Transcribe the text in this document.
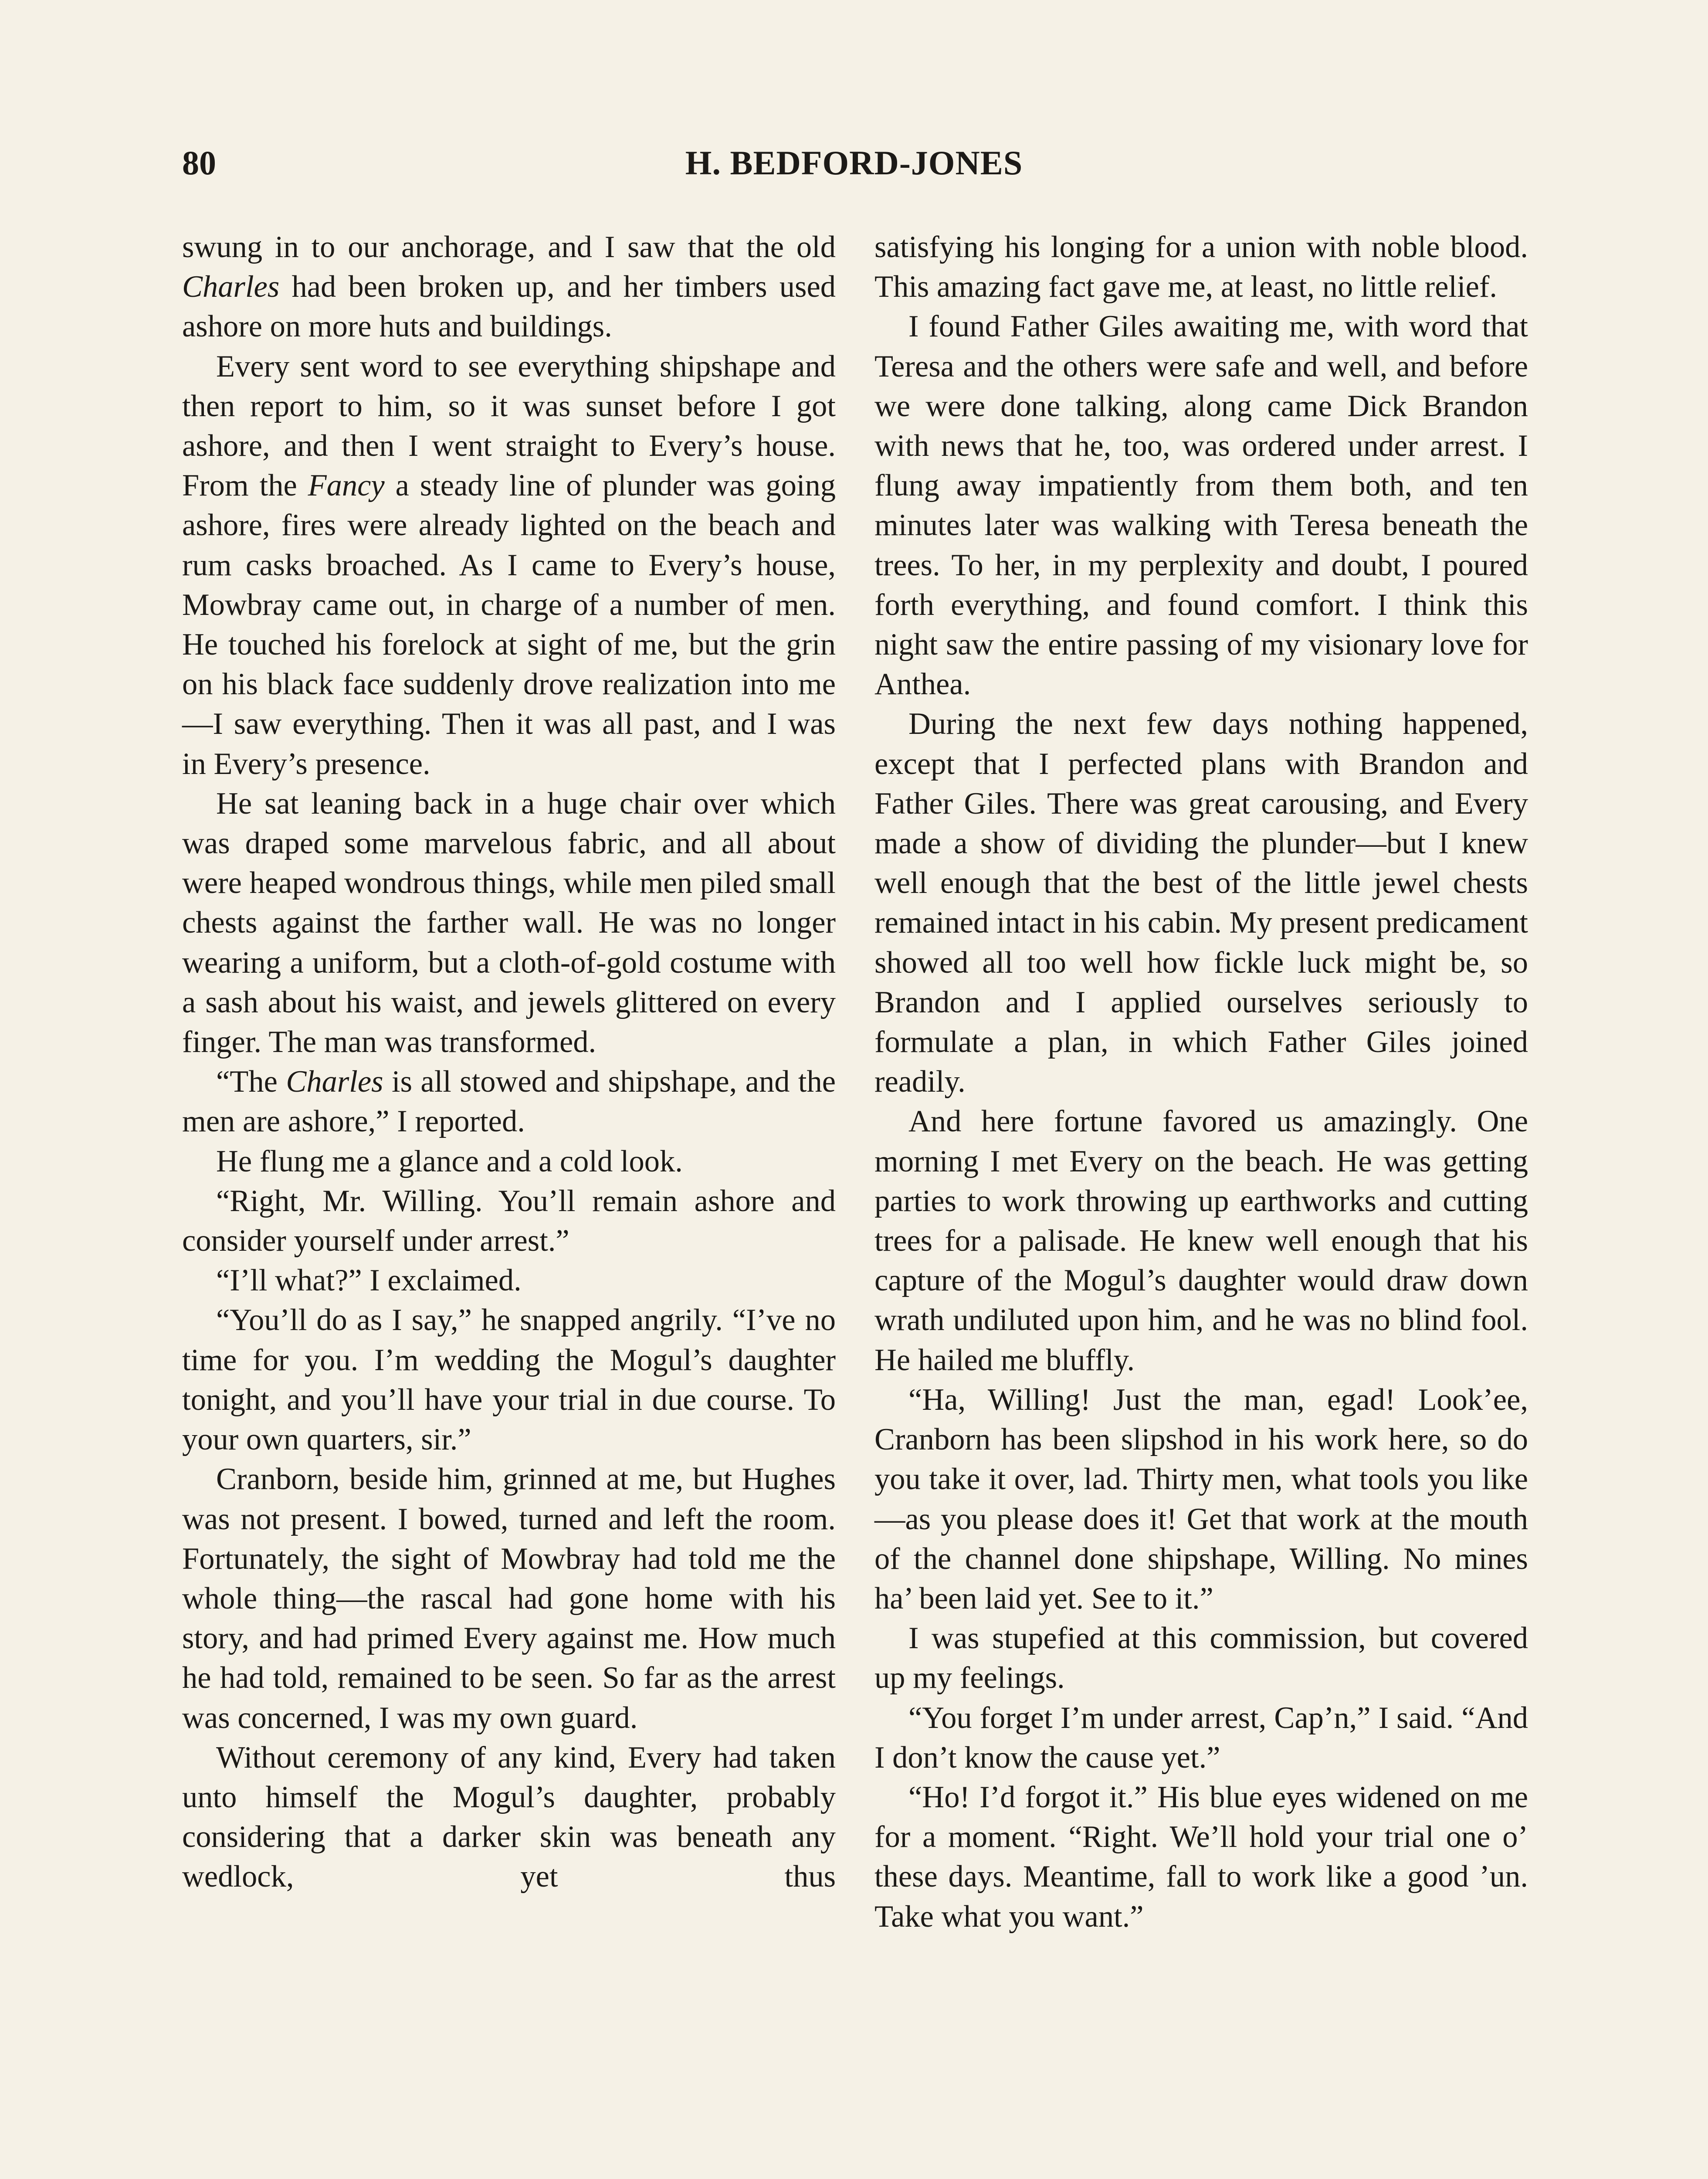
80	H. BEDFORD-JONES

swung in to our anchorage, and I saw that the old Charles had been broken up, and her timbers used ashore on more huts and buildings.

Every sent word to see everything shipshape and then report to him, so it was sunset before I got ashore, and then I went straight to Every’s house. From the Fancy a steady line of plunder was going ashore, fires were already lighted on the beach and rum casks broached. As I came to Every’s house, Mowbray came out, in charge of a number of men. He touched his forelock at sight of me, but the grin on his black face suddenly drove realization into me—I saw everything. Then it was all past, and I was in Every’s presence.

He sat leaning back in a huge chair over which was draped some marvelous fabric, and all about were heaped wondrous things, while men piled small chests against the farther wall. He was no longer wearing a uniform, but a cloth-of-gold costume with a sash about his waist, and jewels glittered on every finger. The man was transformed.

“The Charles is all stowed and shipshape, and the men are ashore,” I reported.

He flung me a glance and a cold look.

“Right, Mr. Willing. You’ll remain ashore and consider yourself under arrest.”

“I’ll what?” I exclaimed.

“You’ll do as I say,” he snapped angrily. “I’ve no time for you. I’m wedding the Mogul’s daughter tonight, and you’ll have your trial in due course. To your own quarters, sir.”

Cranborn, beside him, grinned at me, but Hughes was not present. I bowed, turned and left the room. Fortunately, the sight of Mowbray had told me the whole thing—the rascal had gone home with his story, and had primed Every against me. How much he had told, remained to be seen. So far as the arrest was concerned, I was my own guard.

Without ceremony of any kind, Every had taken unto himself the Mogul’s daughter, probably considering that a darker skin was beneath any wedlock, yet thus

satisfying his longing for a union with noble blood. This amazing fact gave me, at least, no little relief.

I found Father Giles awaiting me, with word that Teresa and the others were safe and well, and before we were done talking, along came Dick Brandon with news that he, too, was ordered under arrest. I flung away impatiently from them both, and ten minutes later was walking with Teresa beneath the trees. To her, in my perplexity and doubt, I poured forth everything, and found comfort. I think this night saw the entire passing of my visionary love for Anthea.

During the next few days nothing happened, except that I perfected plans with Brandon and Father Giles. There was great carousing, and Every made a show of dividing the plunder—but I knew well enough that the best of the little jewel chests remained intact in his cabin. My present predicament showed all too well how fickle luck might be, so Brandon and I applied ourselves seriously to formulate a plan, in which Father Giles joined readily.

And here fortune favored us amazingly. One morning I met Every on the beach. He was getting parties to work throwing up earthworks and cutting trees for a palisade. He knew well enough that his capture of the Mogul’s daughter would draw down wrath undiluted upon him, and he was no blind fool. He hailed me bluffly.

“Ha, Willing! Just the man, egad! Look’ee, Cranborn has been slipshod in his work here, so do you take it over, lad. Thirty men, what tools you like—as you please does it! Get that work at the mouth of the channel done shipshape, Willing. No mines ha’ been laid yet. See to it.”

I was stupefied at this commission, but covered up my feelings.

“You forget I’m under arrest, Cap’n,” I said. “And I don’t know the cause yet.”

“Ho! I’d forgot it.” His blue eyes widened on me for a moment. “Right. We’ll hold your trial one o’ these days. Meantime, fall to work like a good ’un. Take what you want.”
